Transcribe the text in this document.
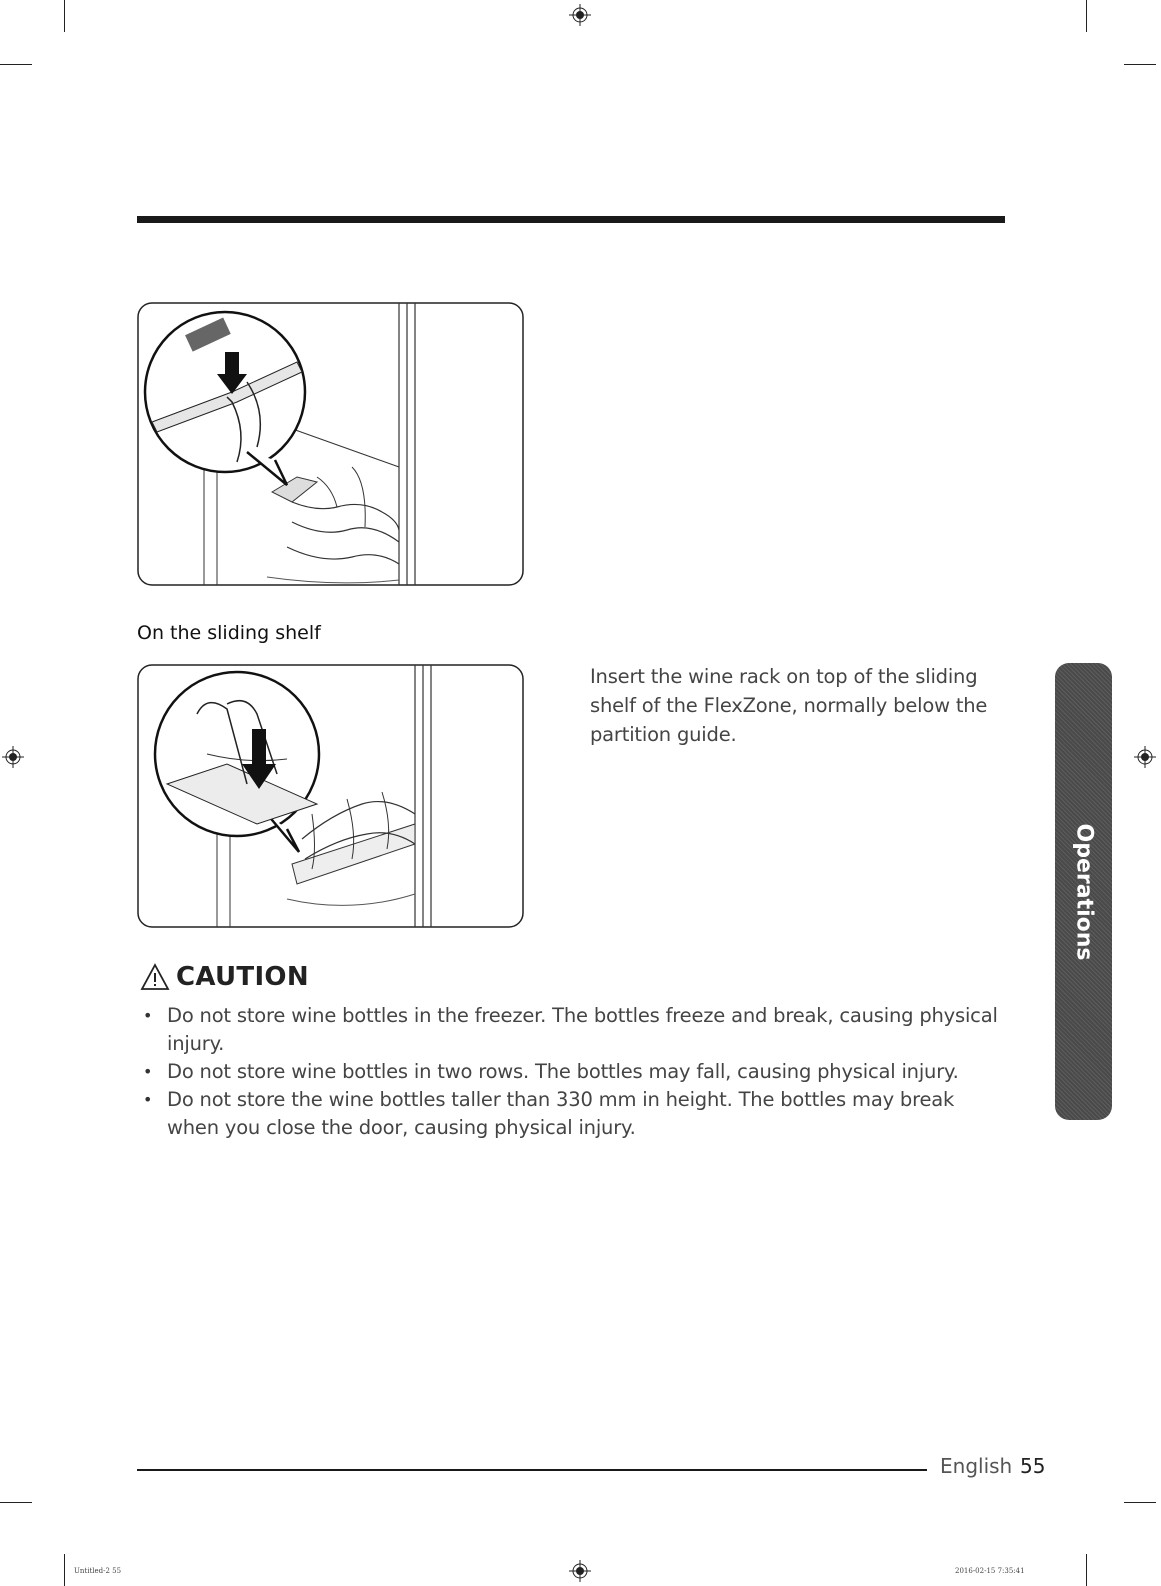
On the sliding shelf
Insert the wine rack on top of the sliding shelf of the FlexZone, normally below the partition guide.
CAUTION
• Do not store wine bottles in the freezer. The bottles freeze and break, causing physical injury.
• Do not store wine bottles in two rows. The bottles may fall, causing physical injury.
• Do not store the wine bottles taller than 330 mm in height. The bottles may break when you close the door, causing physical injury.
Operations
English 55
Untitled-2 55	2016-02-15 7:35:41
